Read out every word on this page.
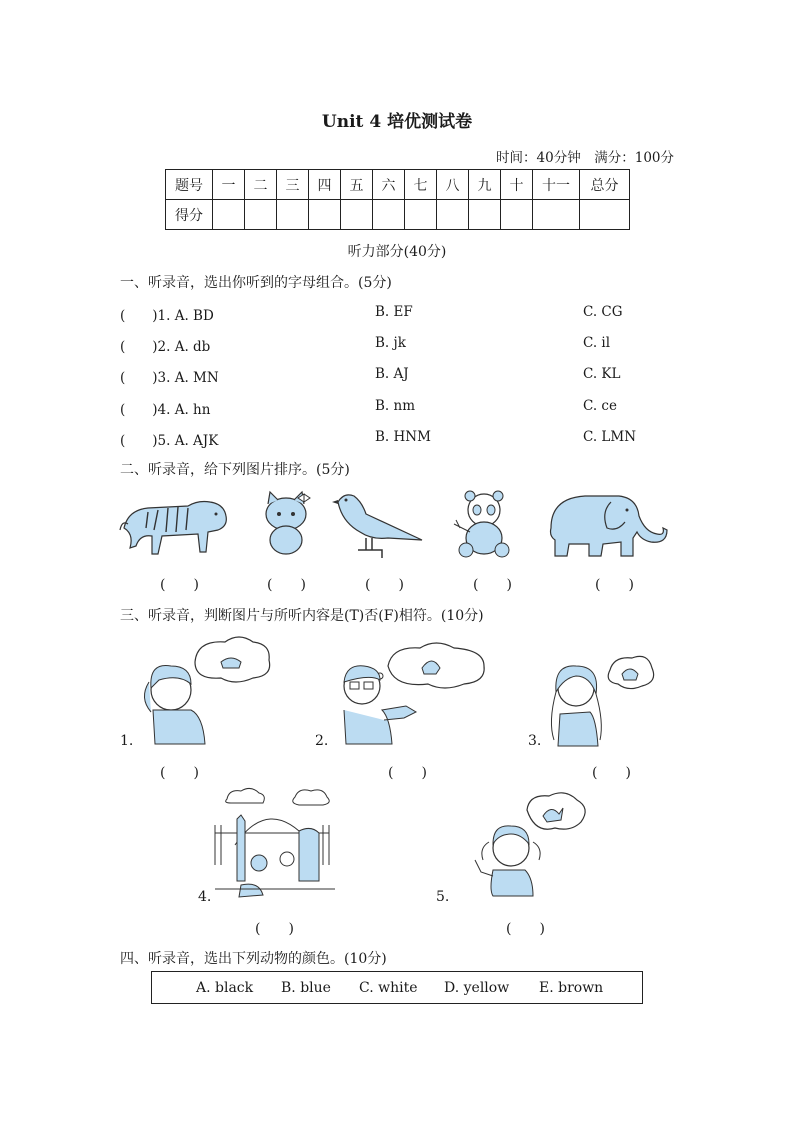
Unit 4 培优测试卷
时间：40分钟　满分：100分
题号	一	二	三	四	五	六	七	八	九	十	十一	总分
得分												
听力部分(40分)
一、听录音，选出你听到的字母组合。(5分)
(　　)1. A. BD	B. EF	C. CG
(　　)2. A. db	B. jk	C. il
(　　)3. A. MN	B. AJ	C. KL
(　　)4. A. hn	B. nm	C. ce
(　　)5. A. AJK	B. HNM	C. LMN
二、听录音，给下列图片排序。(5分)
(　　)	(　　)	(　　)	(　　)	(　　)
三、听录音，判断图片与所听内容是(T)否(F)相符。(10分)
1.	2.	3.
(　　)	(　　)	(　　)
4.	5.
(　　)	(　　)
四、听录音，选出下列动物的颜色。(10分)
A. black B. blue C. white D. yellow E. brown
